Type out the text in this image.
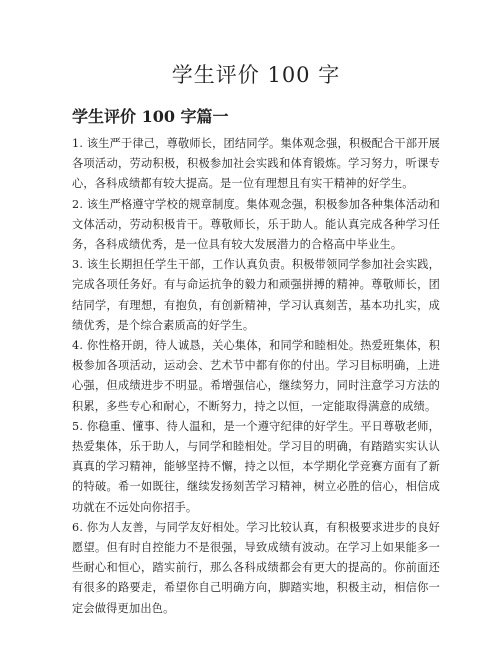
学生评价 100 字
学生评价 100 字篇一

1. 该生严于律己，尊敬师长，团结同学。集体观念强，积极配合干部开展各项活动，劳动积极，积极参加社会实践和体育锻炼。学习努力，听课专心，各科成绩都有较大提高。是一位有理想且有实干精神的好学生。

2. 该生严格遵守学校的规章制度。集体观念强，积极参加各种集体活动和文体活动，劳动积极肯干。尊敬师长，乐于助人。能认真完成各种学习任务，各科成绩优秀，是一位具有较大发展潜力的合格高中毕业生。

3. 该生长期担任学生干部，工作认真负责。积极带领同学参加社会实践，完成各项任务好。有与命运抗争的毅力和顽强拼搏的精神。尊敬师长，团结同学，有理想，有抱负，有创新精神，学习认真刻苦，基本功扎实，成绩优秀，是个综合素质高的好学生。

4. 你性格开朗，待人诚恳，关心集体，和同学和睦相处。热爱班集体，积极参加各项活动，运动会、艺术节中都有你的付出。学习目标明确，上进心强，但成绩进步不明显。希增强信心，继续努力，同时注意学习方法的积累，多些专心和耐心，不断努力，持之以恒，一定能取得满意的成绩。

5. 你稳重、懂事、待人温和，是一个遵守纪律的好学生。平日尊敬老师，热爱集体，乐于助人，与同学和睦相处。学习目的明确，有踏踏实实认认真真的学习精神，能够坚持不懈，持之以恒，本学期化学竞赛方面有了新的特破。希一如既往，继续发扬刻苦学习精神，树立必胜的信心，相信成功就在不远处向你招手。

6. 你为人友善，与同学友好相处。学习比较认真，有积极要求进步的良好愿望。但有时自控能力不是很强，导致成绩有波动。在学习上如果能多一些耐心和恒心，踏实前行，那么各科成绩都会有更大的提高的。你前面还有很多的路要走，希望你自己明确方向，脚踏实地，积极主动，相信你一定会做得更加出色。
